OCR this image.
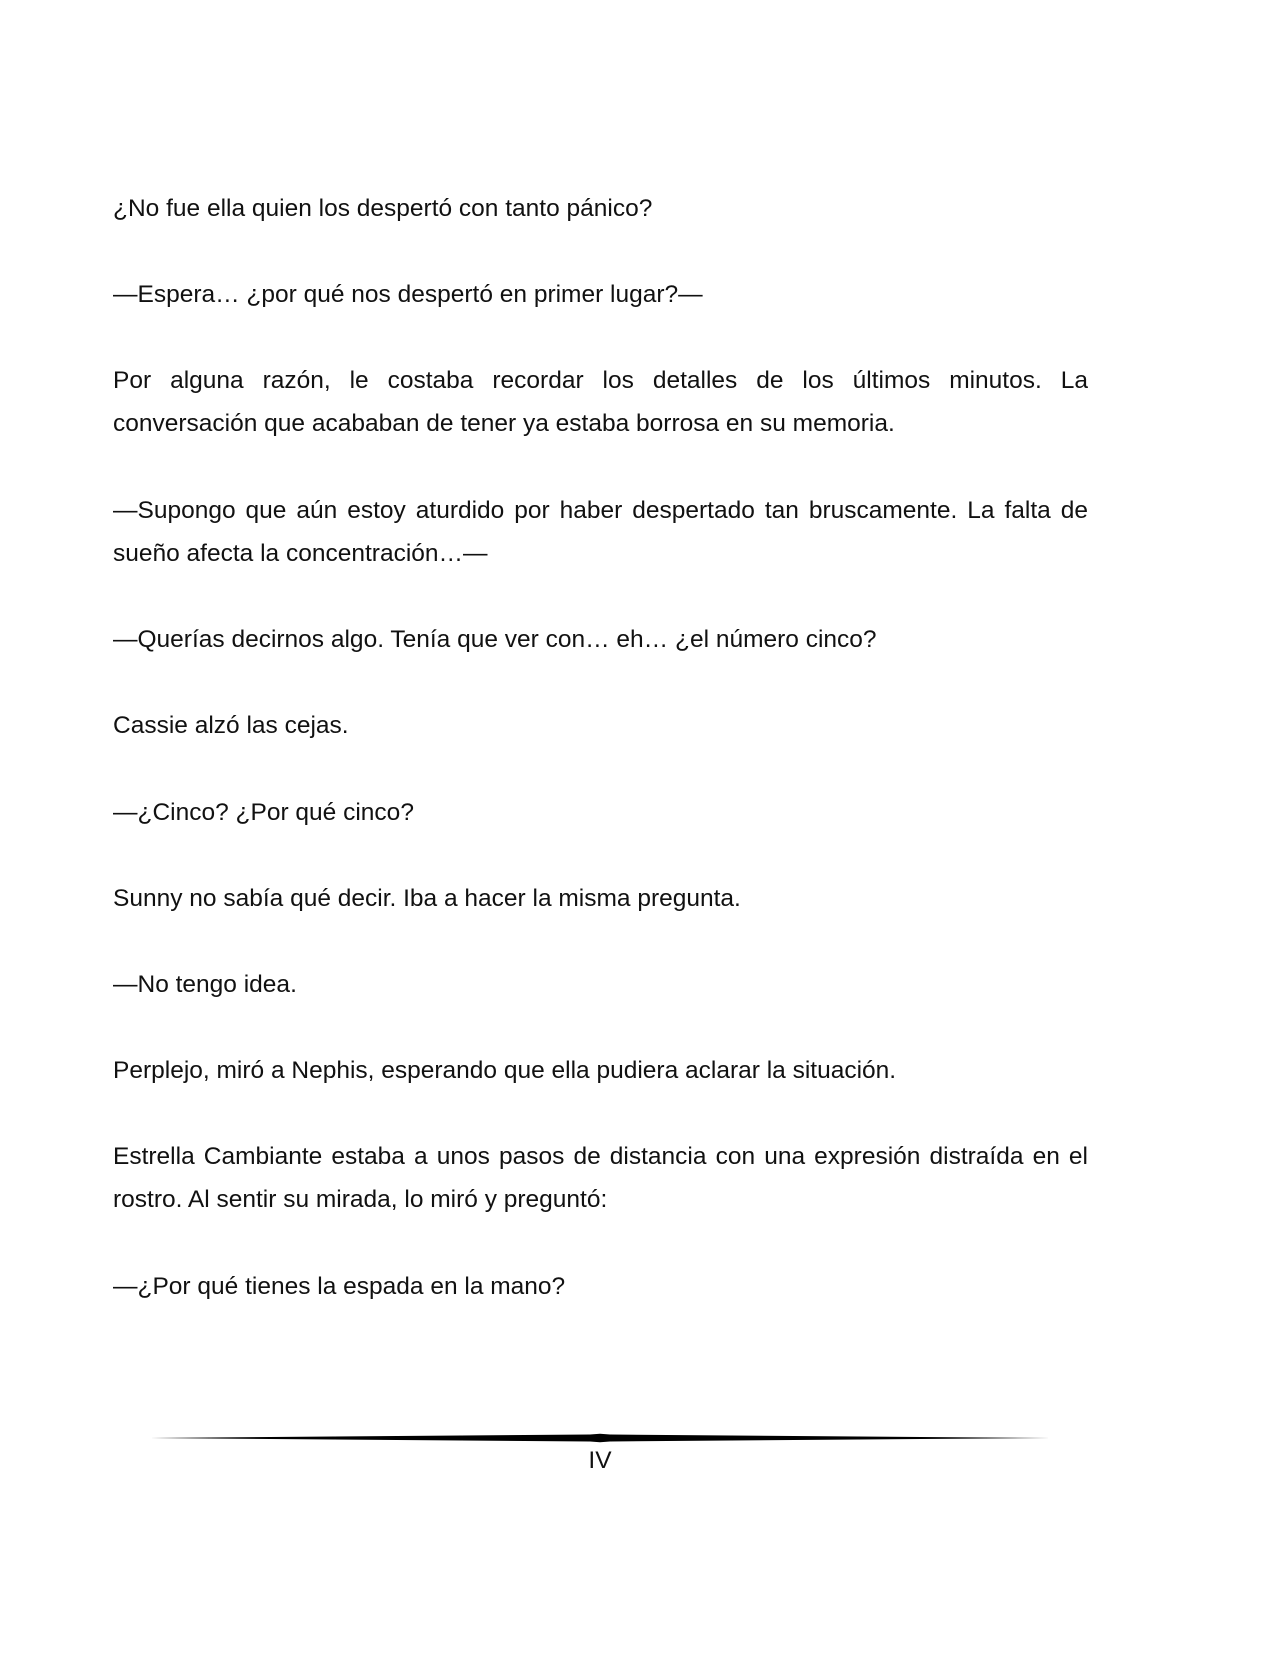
¿No fue ella quien los despertó con tanto pánico?

—Espera… ¿por qué nos despertó en primer lugar?—

Por alguna razón, le costaba recordar los detalles de los últimos minutos. La conversación que acababan de tener ya estaba borrosa en su memoria.

—Supongo que aún estoy aturdido por haber despertado tan bruscamente. La falta de sueño afecta la concentración…—

—Querías decirnos algo. Tenía que ver con… eh… ¿el número cinco?

Cassie alzó las cejas.

—¿Cinco? ¿Por qué cinco?

Sunny no sabía qué decir. Iba a hacer la misma pregunta.

—No tengo idea.

Perplejo, miró a Nephis, esperando que ella pudiera aclarar la situación.

Estrella Cambiante estaba a unos pasos de distancia con una expresión distraída en el rostro. Al sentir su mirada, lo miró y preguntó:

—¿Por qué tienes la espada en la mano?

IV
